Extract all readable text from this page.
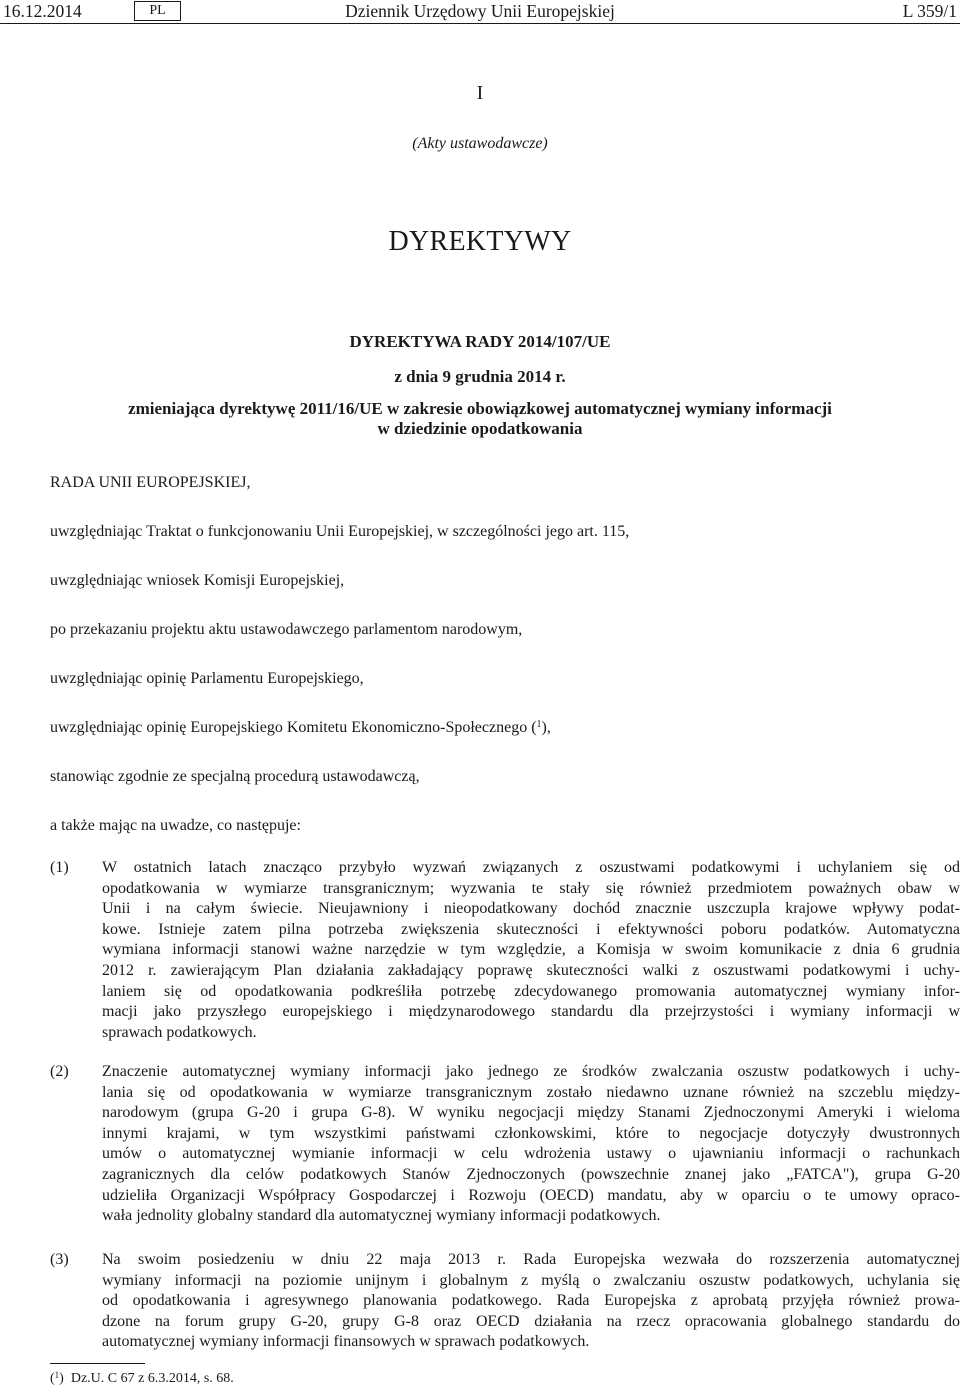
16.12.2014	PL	Dziennik Urzędowy Unii Europejskiej	L 359/1
I
(Akty ustawodawcze)
DYREKTYWY
DYREKTYWA RADY 2014/107/UE
z dnia 9 grudnia 2014 r.
zmieniająca dyrektywę 2011/16/UE w zakresie obowiązkowej automatycznej wymiany informacji
w dziedzinie opodatkowania
RADA UNII EUROPEJSKIEJ,
uwzględniając Traktat o funkcjonowaniu Unii Europejskiej, w szczególności jego art. 115,
uwzględniając wniosek Komisji Europejskiej,
po przekazaniu projektu aktu ustawodawczego parlamentom narodowym,
uwzględniając opinię Parlamentu Europejskiego,
uwzględniając opinię Europejskiego Komitetu Ekonomiczno-Społecznego ($^1$),
stanowiąc zgodnie ze specjalną procedurą ustawodawczą,
a także mając na uwadze, co następuje:
(1) W ostatnich latach znacząco przybyło wyzwań związanych z oszustwami podatkowymi i uchylaniem się od
opodatkowania w wymiarze transgranicznym; wyzwania te stały się również przedmiotem poważnych obaw w
Unii i na całym świecie. Nieujawniony i nieopodatkowany dochód znacznie uszczupla krajowe wpływy podat-
kowe. Istnieje zatem pilna potrzeba zwiększenia skuteczności i efektywności poboru podatków. Automatyczna
wymiana informacji stanowi ważne narzędzie w tym względzie, a Komisja w swoim komunikacie z dnia 6 grudnia
2012 r. zawierającym Plan działania zakładający poprawę skuteczności walki z oszustwami podatkowymi i uchy-
laniem się od opodatkowania podkreśliła potrzebę zdecydowanego promowania automatycznej wymiany infor-
macji jako przyszłego europejskiego i międzynarodowego standardu dla przejrzystości i wymiany informacji w
sprawach podatkowych.
(2) Znaczenie automatycznej wymiany informacji jako jednego ze środków zwalczania oszustw podatkowych i uchy-
lania się od opodatkowania w wymiarze transgranicznym zostało niedawno uznane również na szczeblu między-
narodowym (grupa G-20 i grupa G-8). W wyniku negocjacji między Stanami Zjednoczonymi Ameryki i wieloma
innymi krajami, w tym wszystkimi państwami członkowskimi, które to negocjacje dotyczyły dwustronnych
umów o automatycznej wymianie informacji w celu wdrożenia ustawy o ujawnianiu informacji o rachunkach
zagranicznych dla celów podatkowych Stanów Zjednoczonych (powszechnie znanej jako „FATCA"), grupa G-20
udzieliła Organizacji Współpracy Gospodarczej i Rozwoju (OECD) mandatu, aby w oparciu o te umowy opraco-
wała jednolity globalny standard dla automatycznej wymiany informacji podatkowych.
(3) Na swoim posiedzeniu w dniu 22 maja 2013 r. Rada Europejska wezwała do rozszerzenia automatycznej
wymiany informacji na poziomie unijnym i globalnym z myślą o zwalczaniu oszustw podatkowych, uchylania się
od opodatkowania i agresywnego planowania podatkowego. Rada Europejska z aprobatą przyjęła również prowa-
dzone na forum grupy G-20, grupy G-8 oraz OECD działania na rzecz opracowania globalnego standardu do
automatycznej wymiany informacji finansowych w sprawach podatkowych.
($^1$) Dz.U. C 67 z 6.3.2014, s. 68.
